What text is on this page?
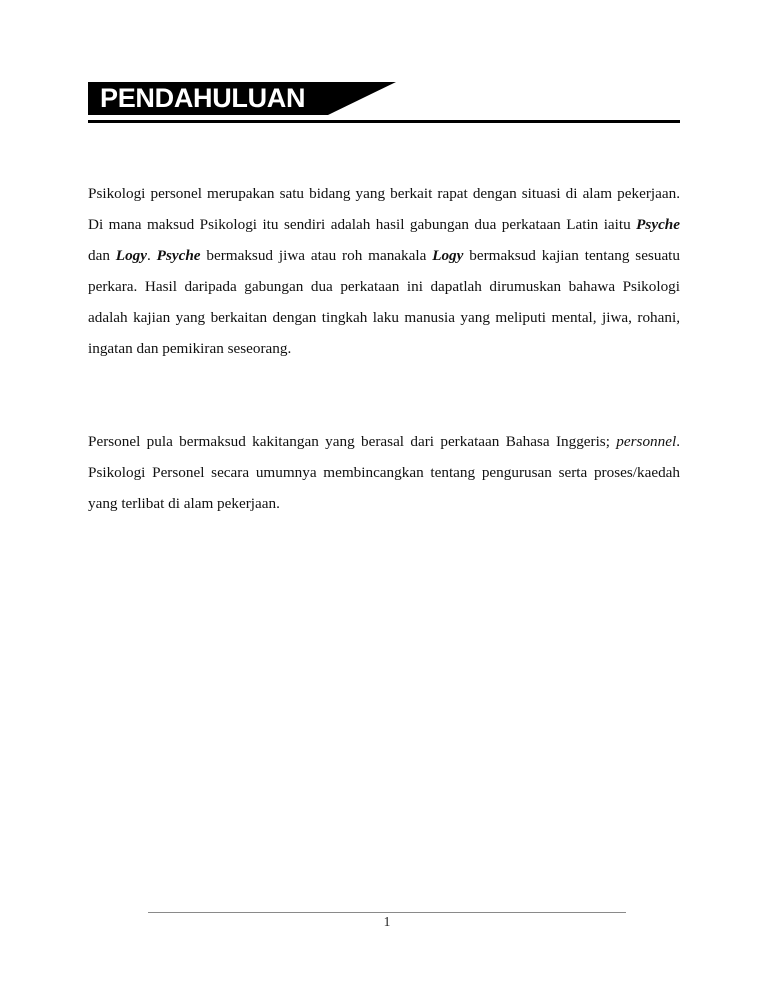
PENDAHULUAN

Psikologi personel merupakan satu bidang yang berkait rapat dengan situasi di alam pekerjaan. Di mana maksud Psikologi itu sendiri adalah hasil gabungan dua perkataan Latin iaitu Psyche dan Logy. Psyche bermaksud jiwa atau roh manakala Logy bermaksud kajian tentang sesuatu perkara. Hasil daripada gabungan dua perkataan ini dapatlah dirumuskan bahawa Psikologi adalah kajian yang berkaitan dengan tingkah laku manusia yang meliputi mental, jiwa, rohani, ingatan dan pemikiran seseorang.

Personel pula bermaksud kakitangan yang berasal dari perkataan Bahasa Inggeris; personnel. Psikologi Personel secara umumnya membincangkan tentang pengurusan serta proses/kaedah yang terlibat di alam pekerjaan.

1
